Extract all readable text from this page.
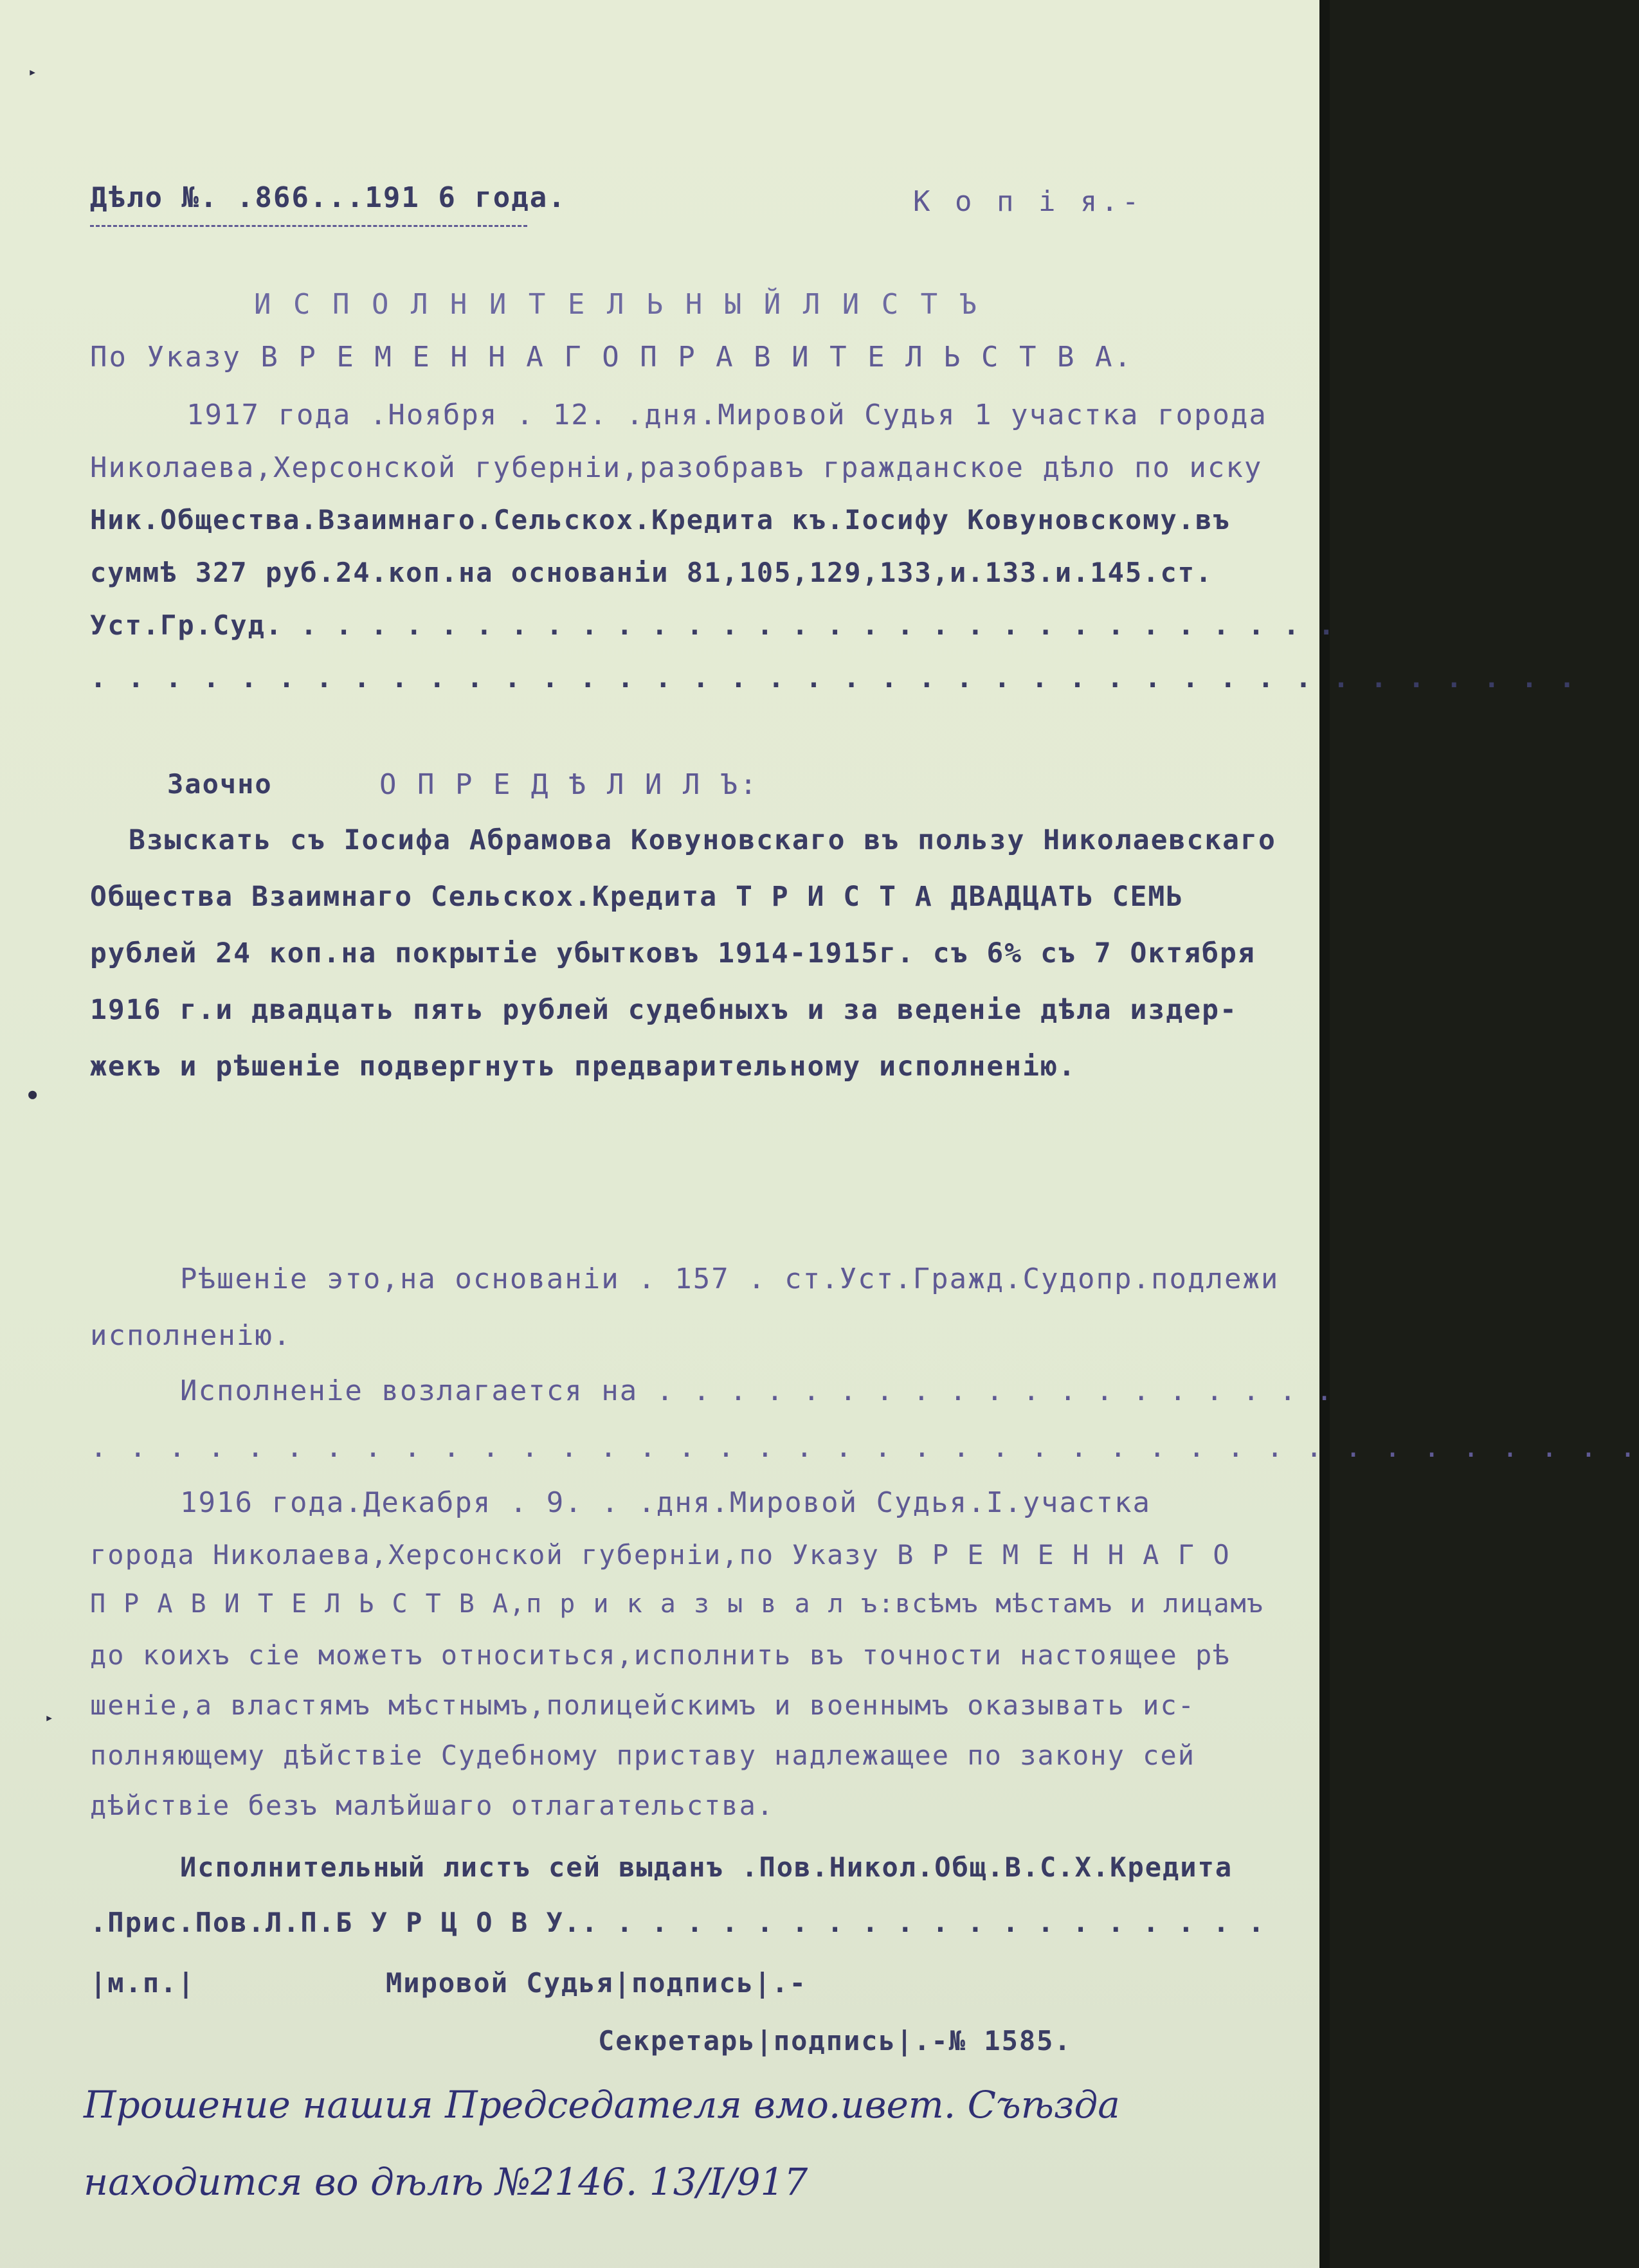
Дѣло №. .866...191 6 года.	К о п і я.-
И С П О Л Н И Т Е Л Ь Н Ы Й Л И С Т Ъ
По Указу В Р Е М Е Н Н А Г О П Р А В И Т Е Л Ь С Т В А.
1917 года .Ноября . 12. .дня.Мировой Судья 1 участка города
Николаева,Херсонской губерніи,разобравъ гражданское дѣло по иску
Ник.Общества.Взаимнаго.Сельскох.Кредита къ.Іосифу Ковуновскому.въ
суммѣ 327 руб.24.коп.на основаніи 81,105,129,133,и.133.и.145.ст.
Уст.Гр.Суд. . . . . . . . . . . . . . . . . . . . . . . . . . . . . . .
. . . . . . . . . . . . . . . . . . . . . . . . . . . . . . . . . . . . . . . .
Заочно	О П Р Е Д Ѣ Л И Л Ъ:
Взыскать съ Іосифа Абрамова Ковуновскаго въ пользу Николаевскаго
Общества Взаимнаго Сельскох.Кредита Т Р И С Т А ДВАДЦАТЬ СЕМЬ
рублей 24 коп.на покрытіе убытковъ 1914-1915г. съ 6% съ 7 Октября
1916 г.и двадцать пять рублей судебныхъ и за веденіе дѣла издер-
жекъ и рѣшеніе подвергнуть предварительному исполненію.
Рѣшеніе это,на основаніи . 157 . ст.Уст.Гражд.Судопр.подлежи
исполненію.
Исполненіе возлагается на . . . . . . . . . . . . . . . . . . .
. . . . . . . . . . . . . . . . . . . . . . . . . . . . . . . . . . . . . . . .
1916 года.Декабря . 9. . .дня.Мировой Судья.I.участка
города Николаева,Херсонской губерніи,по Указу В Р Е М Е Н Н А Г О
П Р А В И Т Е Л Ь С Т В А,п р и к а з ы в а л ъ:всѣмъ мѣстамъ и лицамъ
до коихъ сіе можетъ относиться,исполнить въ точности настоящее рѣ
шеніе,а властямъ мѣстнымъ,полицейскимъ и военнымъ оказывать ис-
полняющему дѣйствіе Судебному приставу надлежащее по закону сей
дѣйствіе безъ малѣйшаго отлагательства.
Исполнительный листъ сей выданъ .Пов.Никол.Общ.В.С.Х.Кредита
.Прис.Пов.Л.П.Б У Р Ц О В У.. . . . . . . . . . . . . . . . . . . .
|м.п.|	Мировой Судья|подпись|.-
Секретарь|подпись|.-№ 1585.
Прошение нашия Председателя вмо.ивет. Съѣзда
находится во дѣлѣ №2146. 13/I/917
▸
●
▸
